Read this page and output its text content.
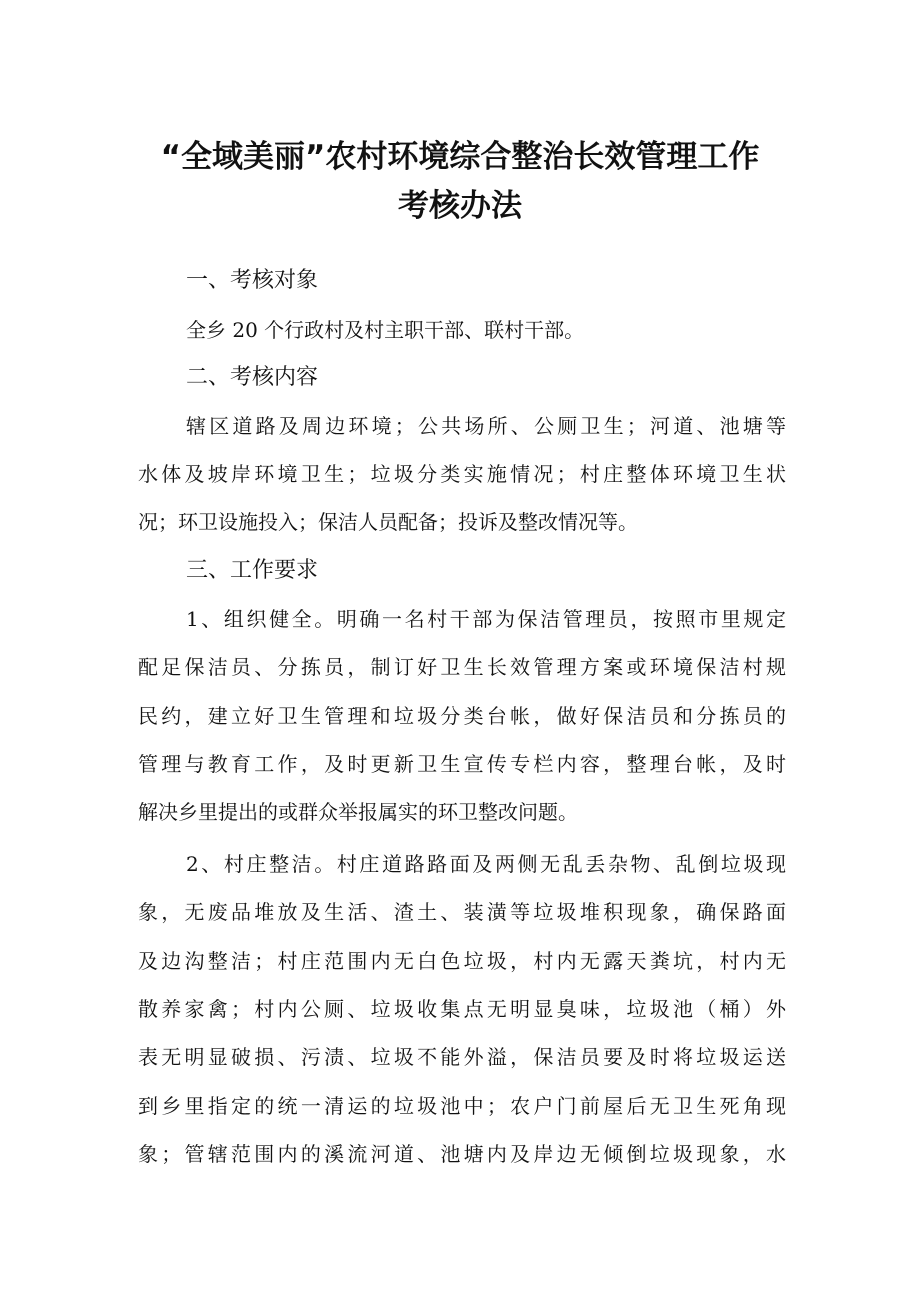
“全域美丽”农村环境综合整治长效管理工作
考核办法
一、考核对象
全乡 20 个行政村及村主职干部、联村干部。
二、考核内容
辖区道路及周边环境；公共场所、公厕卫生；河道、池塘等
水体及坡岸环境卫生；垃圾分类实施情况；村庄整体环境卫生状
况；环卫设施投入；保洁人员配备；投诉及整改情况等。
三、工作要求
1、组织健全。明确一名村干部为保洁管理员，按照市里规定
配足保洁员、分拣员，制订好卫生长效管理方案或环境保洁村规
民约，建立好卫生管理和垃圾分类台帐，做好保洁员和分拣员的
管理与教育工作，及时更新卫生宣传专栏内容，整理台帐，及时
解决乡里提出的或群众举报属实的环卫整改问题。
2、村庄整洁。村庄道路路面及两侧无乱丢杂物、乱倒垃圾现
象，无废品堆放及生活、渣土、装潢等垃圾堆积现象，确保路面
及边沟整洁；村庄范围内无白色垃圾，村内无露天粪坑，村内无
散养家禽；村内公厕、垃圾收集点无明显臭味，垃圾池（桶）外
表无明显破损、污渍、垃圾不能外溢，保洁员要及时将垃圾运送
到乡里指定的统一清运的垃圾池中；农户门前屋后无卫生死角现
象；管辖范围内的溪流河道、池塘内及岸边无倾倒垃圾现象，水
